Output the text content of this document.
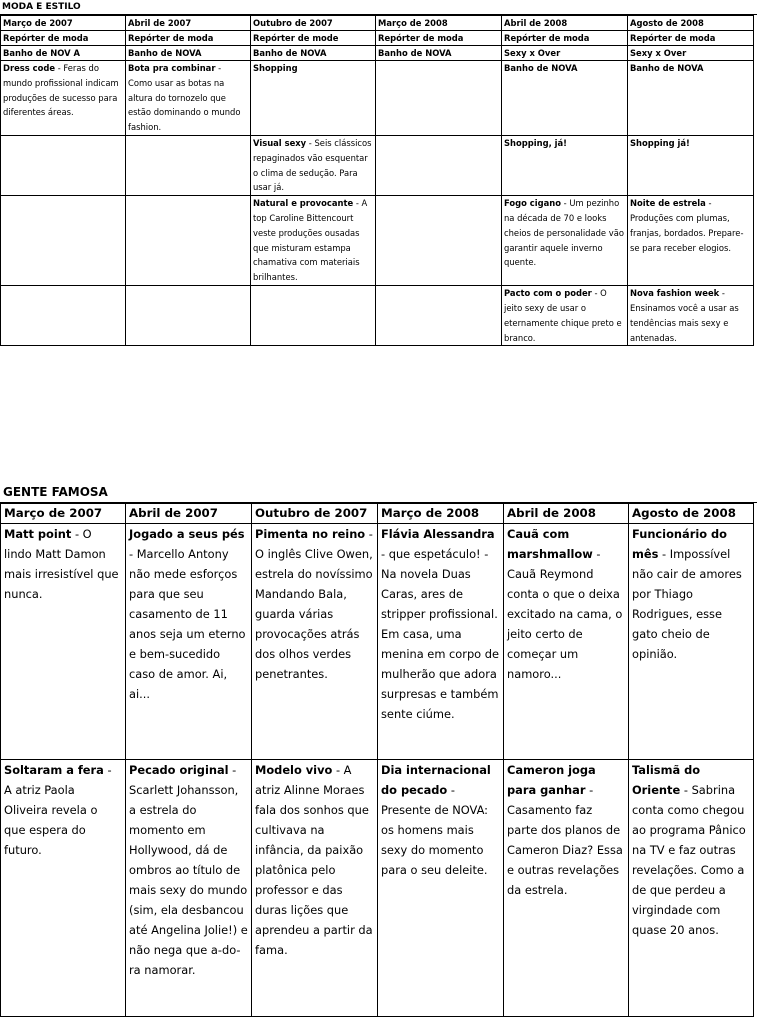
MODA E ESTILO
Março de 2007	Abril de 2007	Outubro de 2007	Março de 2008	Abril de 2008	Agosto de 2008
Repórter de moda	Repórter de moda	Repórter de mode	Repórter de moda	Repórter de moda	Repórter de moda
Banho de NOV A	Banho de NOVA	Banho de NOVA	Banho de NOVA	Sexy x Over	Sexy x Over
Dress code - Feras do mundo profissional indicam produções de sucesso para diferentes áreas.	Bota pra combinar - Como usar as botas na altura do tornozelo que estão dominando o mundo fashion.	Shopping		Banho de NOVA	Banho de NOVA
		Visual sexy - Seis clássicos repaginados vão esquentar o clima de sedução. Para usar já.		Shopping, já!	Shopping já!
		Natural e provocante - A top Caroline Bittencourt veste produções ousadas que misturam estampa chamativa com materiais brilhantes.		Fogo cigano - Um pezinho na década de 70 e looks cheios de personalidade vão garantir aquele inverno quente.	Noite de estrela - Produções com plumas, franjas, bordados. Prepare-se para receber elogios.
				Pacto com o poder - O jeito sexy de usar o eternamente chique preto e branco.	Nova fashion week - Ensinamos você a usar as tendências mais sexy e antenadas.
GENTE FAMOSA
Março de 2007	Abril de 2007	Outubro de 2007	Março de 2008	Abril de 2008	Agosto de 2008
Matt point - O lindo Matt Damon mais irresistível que nunca.	Jogado a seus pés - Marcello Antony não mede esforços para que seu casamento de 11 anos seja um eterno e bem-sucedido caso de amor. Ai, ai...	Pimenta no reino - O inglês Clive Owen, estrela do novíssimo Mandando Bala, guarda várias provocações atrás dos olhos verdes penetrantes.	Flávia Alessandra - que espetáculo! - Na novela Duas Caras, ares de stripper profissional. Em casa, uma menina em corpo de mulherão que adora surpresas e também sente ciúme.	Cauã com marshmallow - Cauã Reymond conta o que o deixa excitado na cama, o jeito certo de começar um namoro...	Funcionário do mês - Impossível não cair de amores por Thiago Rodrigues, esse gato cheio de opinião.
Soltaram a fera - A atriz Paola Oliveira revela o que espera do futuro.	Pecado original - Scarlett Johansson, a estrela do momento em Hollywood, dá de ombros ao título de mais sexy do mundo (sim, ela desbancou até Angelina Jolie!) e não nega que a-do-ra namorar.	Modelo vivo - A atriz Alinne Moraes fala dos sonhos que cultivava na infância, da paixão platônica pelo professor e das duras lições que aprendeu a partir da fama.	Dia internacional do pecado - Presente de NOVA: os homens mais sexy do momento para o seu deleite.	Cameron joga para ganhar - Casamento faz parte dos planos de Cameron Diaz? Essa e outras revelações da estrela.	Talismã do Oriente - Sabrina conta como chegou ao programa Pânico na TV e faz outras revelações. Como a de que perdeu a virgindade com quase 20 anos.
